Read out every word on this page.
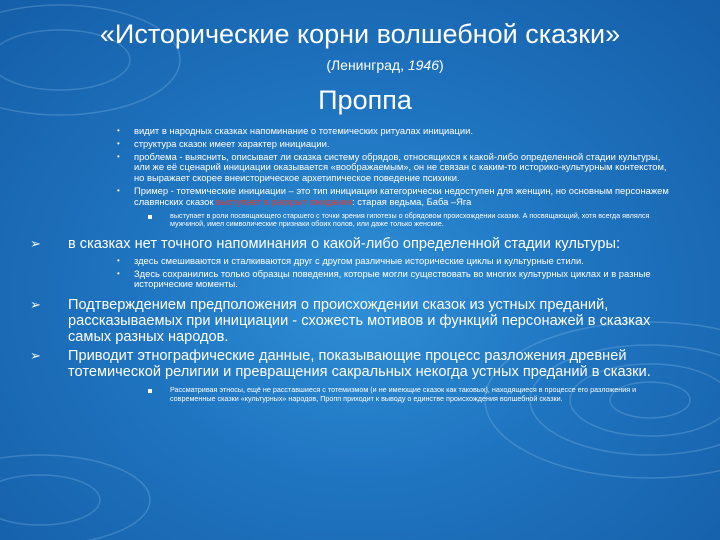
«Исторические корни волшебной сказки»
(Ленинград, 1946)
Проппа
• видит в народных сказках напоминание о тотемических ритуалах инициации.
• структура сказок имеет характер инициации.
• проблема - выяснить, описывает ли сказка систему обрядов, относящихся к какой-либо определенной стадии культуры, или же её сценарий инициации оказывается «воображаемым», он не связан с каким-то историко-культурным контекстом, но выражает скорее внеисторическое архетипическое поведение психики.
• Пример - тотемические инициации – это тип инициации категорически недоступен для женщин, но основным персонажем славянских сказок выступает в раскрыт ожидания: старая ведьма, Баба –Яга
выступает в роли посвящающего старшего с точки зрения гипотезы о обрядовом происхождении сказки. А посвящающий, хотя всегда являлся мужчиной, имел символические признаки обоих полов, или даже только женские.
➢ в сказках нет точного напоминания о какой-либо определенной стадии культуры:
• здесь смешиваются и сталкиваются друг с другом различные исторические циклы и культурные стили.
• Здесь сохранились только образцы поведения, которые могли существовать во многих культурных циклах и в разные исторические моменты.
➢ Подтверждением предположения о происхождении сказок из устных преданий, рассказываемых при инициации - схожесть мотивов и функций персонажей в сказках самых разных народов.
➢ Приводит этнографические данные, показывающие процесс разложения древней тотемической религии и превращения сакральных некогда устных преданий в сказки.
Рассматривая этносы, ещё не расставшиеся с тотемизмом (и не имеющие сказок как таковых), находящиеся в процессе его разложения и современные сказки «культурных» народов, Пропп приходит к выводу о единстве происхождения волшебной сказки.
